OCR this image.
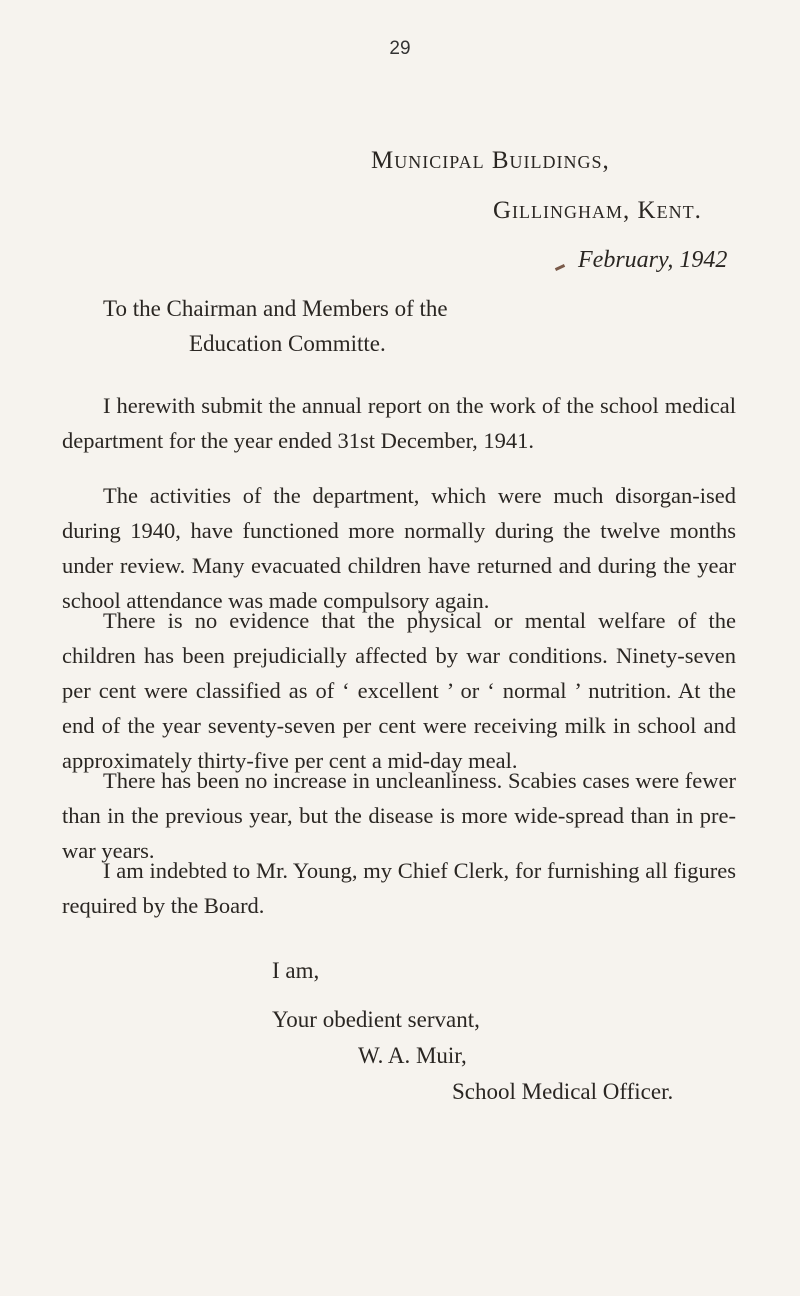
29
Municipal Buildings,
Gillingham, Kent.
February, 1942
To the Chairman and Members of the
Education Committe.
I herewith submit the annual report on the work of the school medical department for the year ended 31st December, 1941.
The activities of the department, which were much disorgan-ised during 1940, have functioned more normally during the twelve months under review. Many evacuated children have returned and during the year school attendance was made compulsory again.
There is no evidence that the physical or mental welfare of the children has been prejudicially affected by war conditions. Ninety-seven per cent were classified as of ‘ excellent ’ or ‘ normal ’ nutrition. At the end of the year seventy-seven per cent were receiving milk in school and approximately thirty-five per cent a mid-day meal.
There has been no increase in uncleanliness. Scabies cases were fewer than in the previous year, but the disease is more wide-spread than in pre-war years.
I am indebted to Mr. Young, my Chief Clerk, for furnishing all figures required by the Board.
I am,
Your obedient servant,
W. A. Muir,
School Medical Officer.
